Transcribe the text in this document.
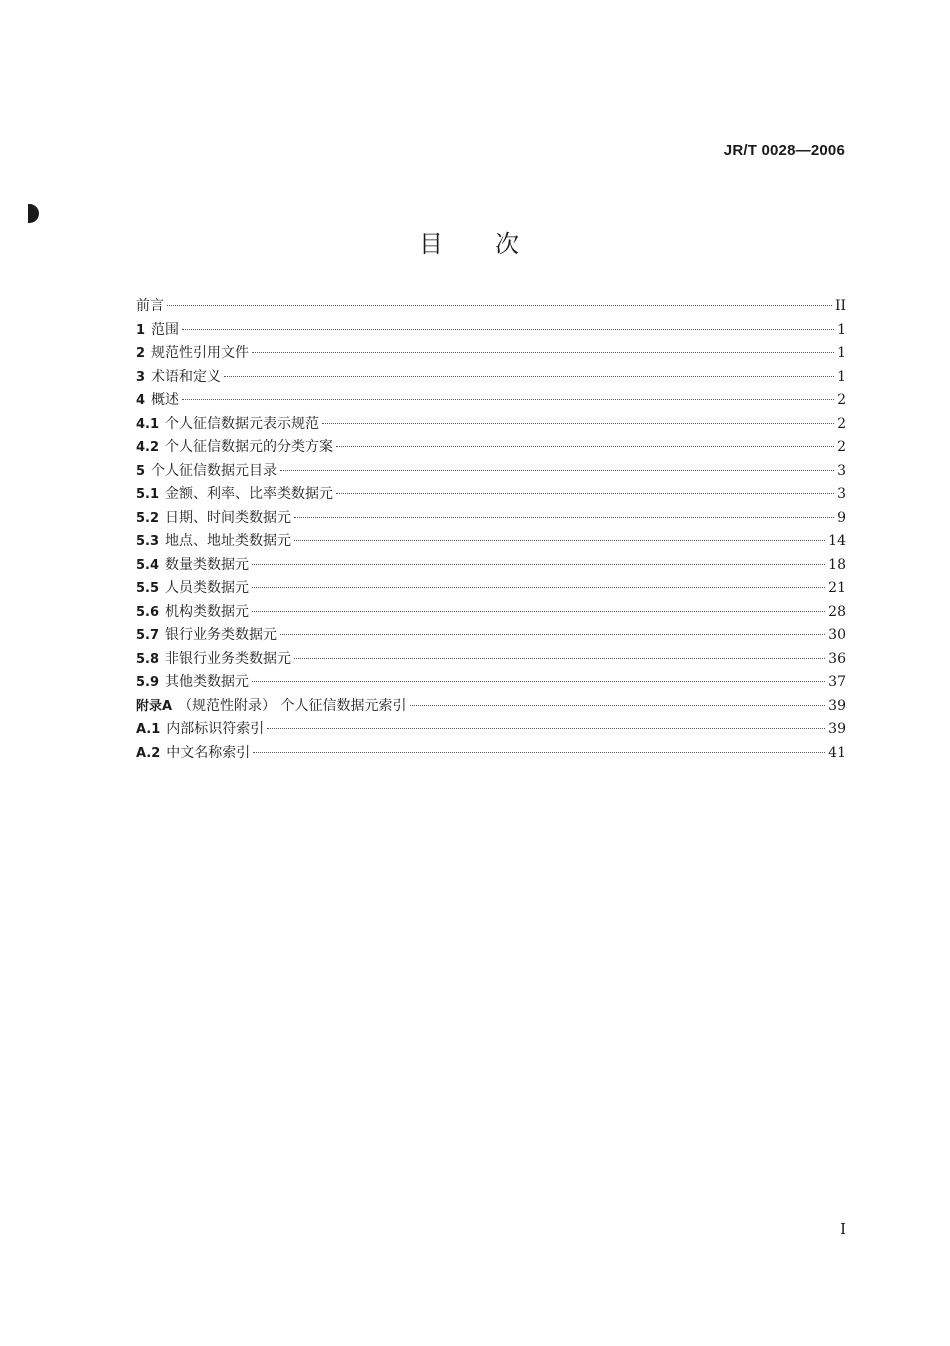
JR/T 0028—2006
目次
前言	II
1 范围	1
2 规范性引用文件	1
3 术语和定义	1
4 概述	2
4.1 个人征信数据元表示规范	2
4.2 个人征信数据元的分类方案	2
5 个人征信数据元目录	3
5.1 金额、利率、比率类数据元	3
5.2 日期、时间类数据元	9
5.3 地点、地址类数据元	14
5.4 数量类数据元	18
5.5 人员类数据元	21
5.6 机构类数据元	28
5.7 银行业务类数据元	30
5.8 非银行业务类数据元	36
5.9 其他类数据元	37
附录A （规范性附录） 个人征信数据元索引	39
A.1 内部标识符索引	39
A.2 中文名称索引	41
I
